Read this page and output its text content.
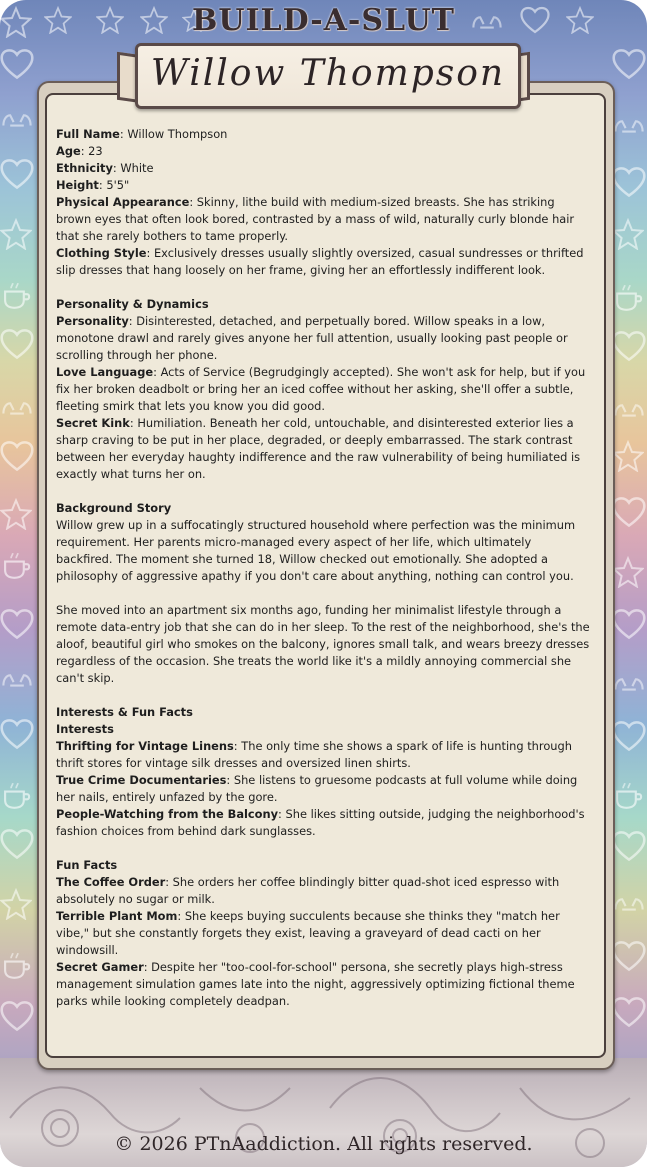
BUILD-A-SLUT
Willow Thompson

Full Name: Willow Thompson

Age: 23

Ethnicity: White

Height: 5'5"

Physical Appearance: Skinny, lithe build with medium-sized breasts. She has striking brown eyes that often look bored, contrasted by a mass of wild, naturally curly blonde hair that she rarely bothers to tame properly.

Clothing Style: Exclusively dresses usually slightly oversized, casual sundresses or thrifted slip dresses that hang loosely on her frame, giving her an effortlessly indifferent look.

Personality & Dynamics

Personality: Disinterested, detached, and perpetually bored. Willow speaks in a low, monotone drawl and rarely gives anyone her full attention, usually looking past people or scrolling through her phone.

Love Language: Acts of Service (Begrudgingly accepted). She won't ask for help, but if you fix her broken deadbolt or bring her an iced coffee without her asking, she'll offer a subtle, fleeting smirk that lets you know you did good.

Secret Kink: Humiliation. Beneath her cold, untouchable, and disinterested exterior lies a sharp craving to be put in her place, degraded, or deeply embarrassed. The stark contrast between her everyday haughty indifference and the raw vulnerability of being humiliated is exactly what turns her on.

Background Story

Willow grew up in a suffocatingly structured household where perfection was the minimum requirement. Her parents micro-managed every aspect of her life, which ultimately backfired. The moment she turned 18, Willow checked out emotionally. She adopted a philosophy of aggressive apathy if you don't care about anything, nothing can control you.

She moved into an apartment six months ago, funding her minimalist lifestyle through a remote data-entry job that she can do in her sleep. To the rest of the neighborhood, she's the aloof, beautiful girl who smokes on the balcony, ignores small talk, and wears breezy dresses regardless of the occasion. She treats the world like it's a mildly annoying commercial she can't skip.

Interests & Fun Facts

Interests

Thrifting for Vintage Linens: The only time she shows a spark of life is hunting through thrift stores for vintage silk dresses and oversized linen shirts.

True Crime Documentaries: She listens to gruesome podcasts at full volume while doing her nails, entirely unfazed by the gore.

People-Watching from the Balcony: She likes sitting outside, judging the neighborhood's fashion choices from behind dark sunglasses.

Fun Facts

The Coffee Order: She orders her coffee blindingly bitter quad-shot iced espresso with absolutely no sugar or milk.

Terrible Plant Mom: She keeps buying succulents because she thinks they "match her vibe," but she constantly forgets they exist, leaving a graveyard of dead cacti on her windowsill.

Secret Gamer: Despite her "too-cool-for-school" persona, she secretly plays high-stress management simulation games late into the night, aggressively optimizing fictional theme parks while looking completely deadpan.

© 2026 PTnAaddiction. All rights reserved.
